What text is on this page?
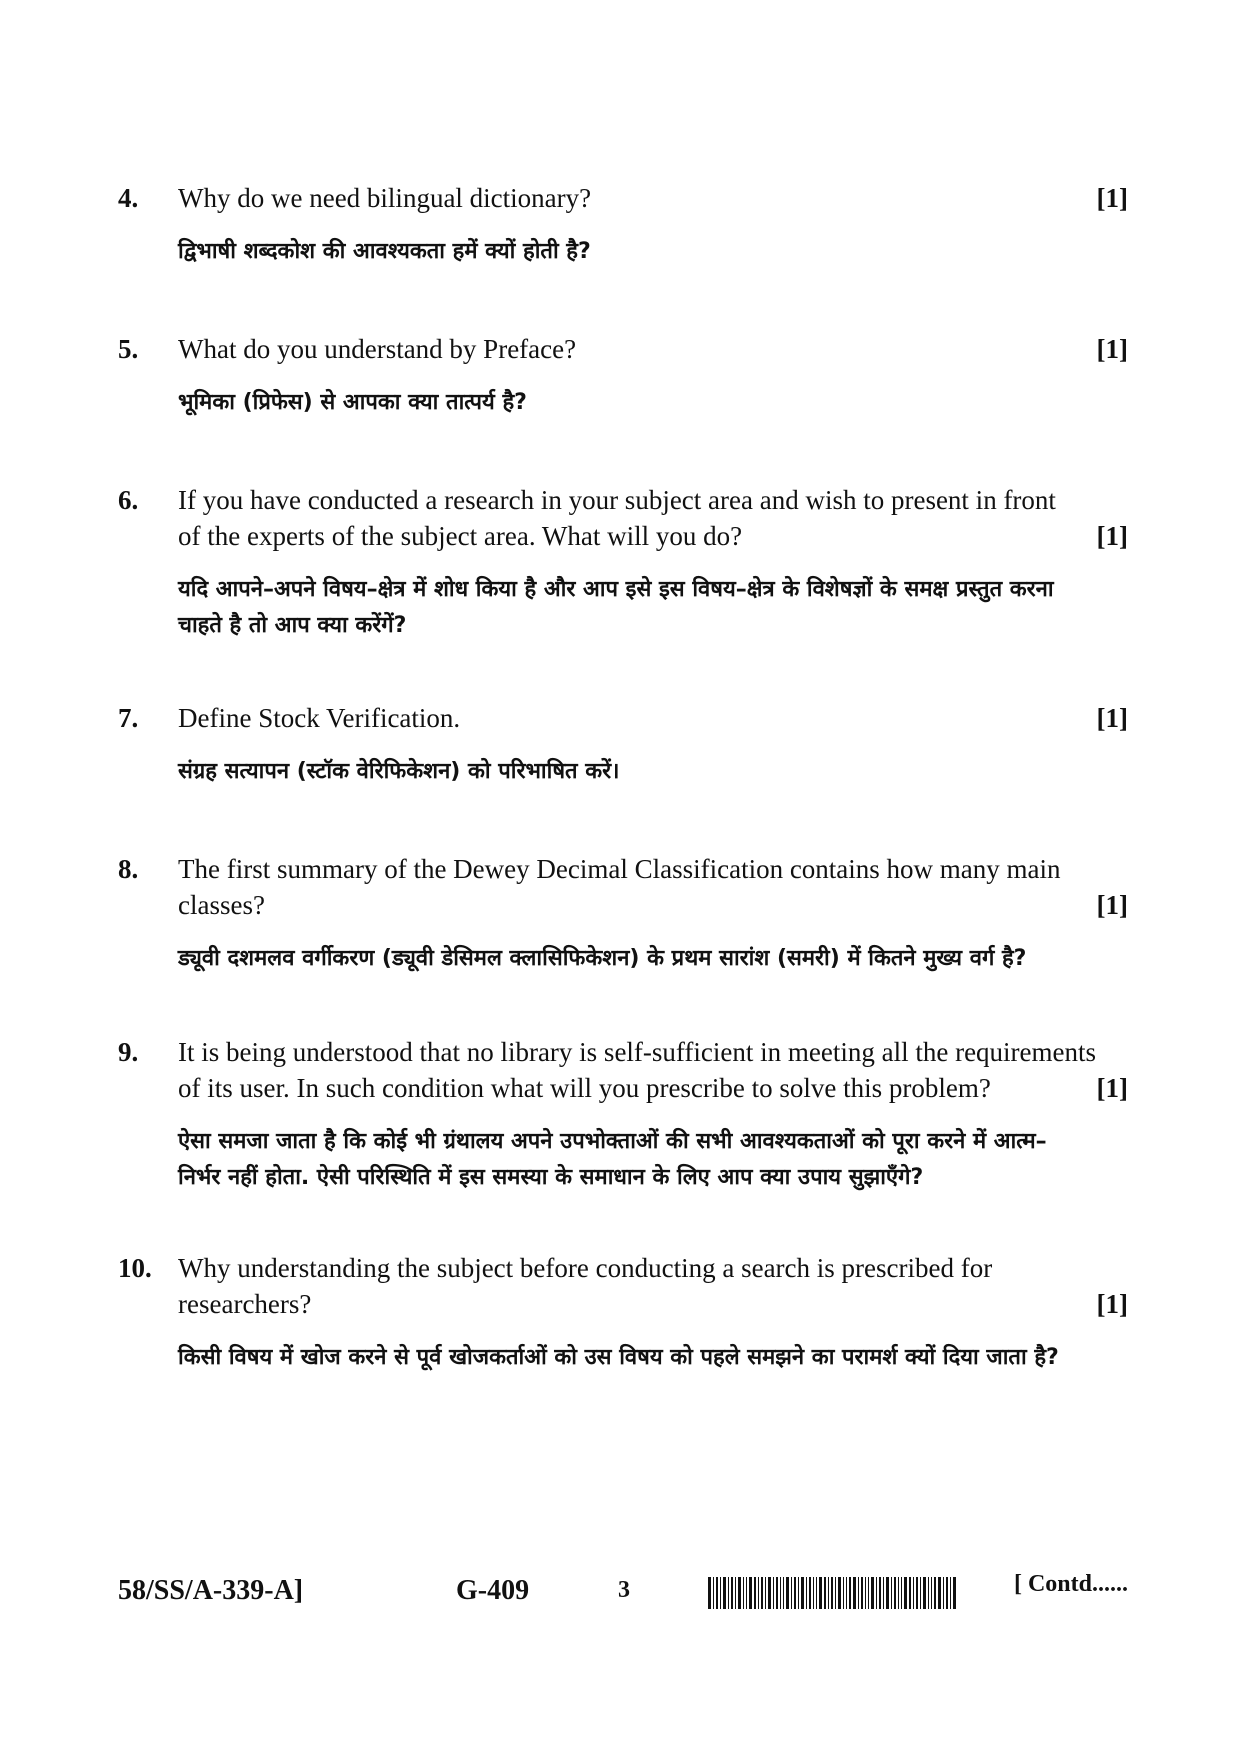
4. Why do we need bilingual dictionary?	[1]
द्विभाषी शब्दकोश की आवश्यकता हमें क्यों होती है?
5. What do you understand by Preface?	[1]
भूमिका (प्रिफेस) से आपका क्या तात्पर्य है?
6. If you have conducted a research in your subject area and wish to present in front
of the experts of the subject area. What will you do?	[1]
यदि आपने–अपने विषय–क्षेत्र में शोध किया है और आप इसे इस विषय–क्षेत्र के विशेषज्ञों के समक्ष प्रस्तुत करना
चाहते है तो आप क्या करेंगें?
7. Define Stock Verification.	[1]
संग्रह सत्यापन (स्टॉक वेरिफिकेशन) को परिभाषित करें।
8. The first summary of the Dewey Decimal Classification contains how many main
classes?	[1]
ड्यूवी दशमलव वर्गीकरण (ड्यूवी डेसिमल क्लासिफिकेशन) के प्रथम सारांश (समरी) में कितने मुख्य वर्ग है?
9. It is being understood that no library is self-sufficient in meeting all the requirements
of its user. In such condition what will you prescribe to solve this problem?	[1]
ऐसा समजा जाता है कि कोई भी ग्रंथालय अपने उपभोक्ताओं की सभी आवश्यकताओं को पूरा करने में आत्म–
निर्भर नहीं होता. ऐसी परिस्थिति में इस समस्या के समाधान के लिए आप क्या उपाय सुझाएँगे?
10. Why understanding the subject before conducting a search is prescribed for
researchers?	[1]
किसी विषय में खोज करने से पूर्व खोजकर्ताओं को उस विषय को पहले समझने का परामर्श क्यों दिया जाता है?
58/SS/A-339-A]	G-409	3	[ Contd......
